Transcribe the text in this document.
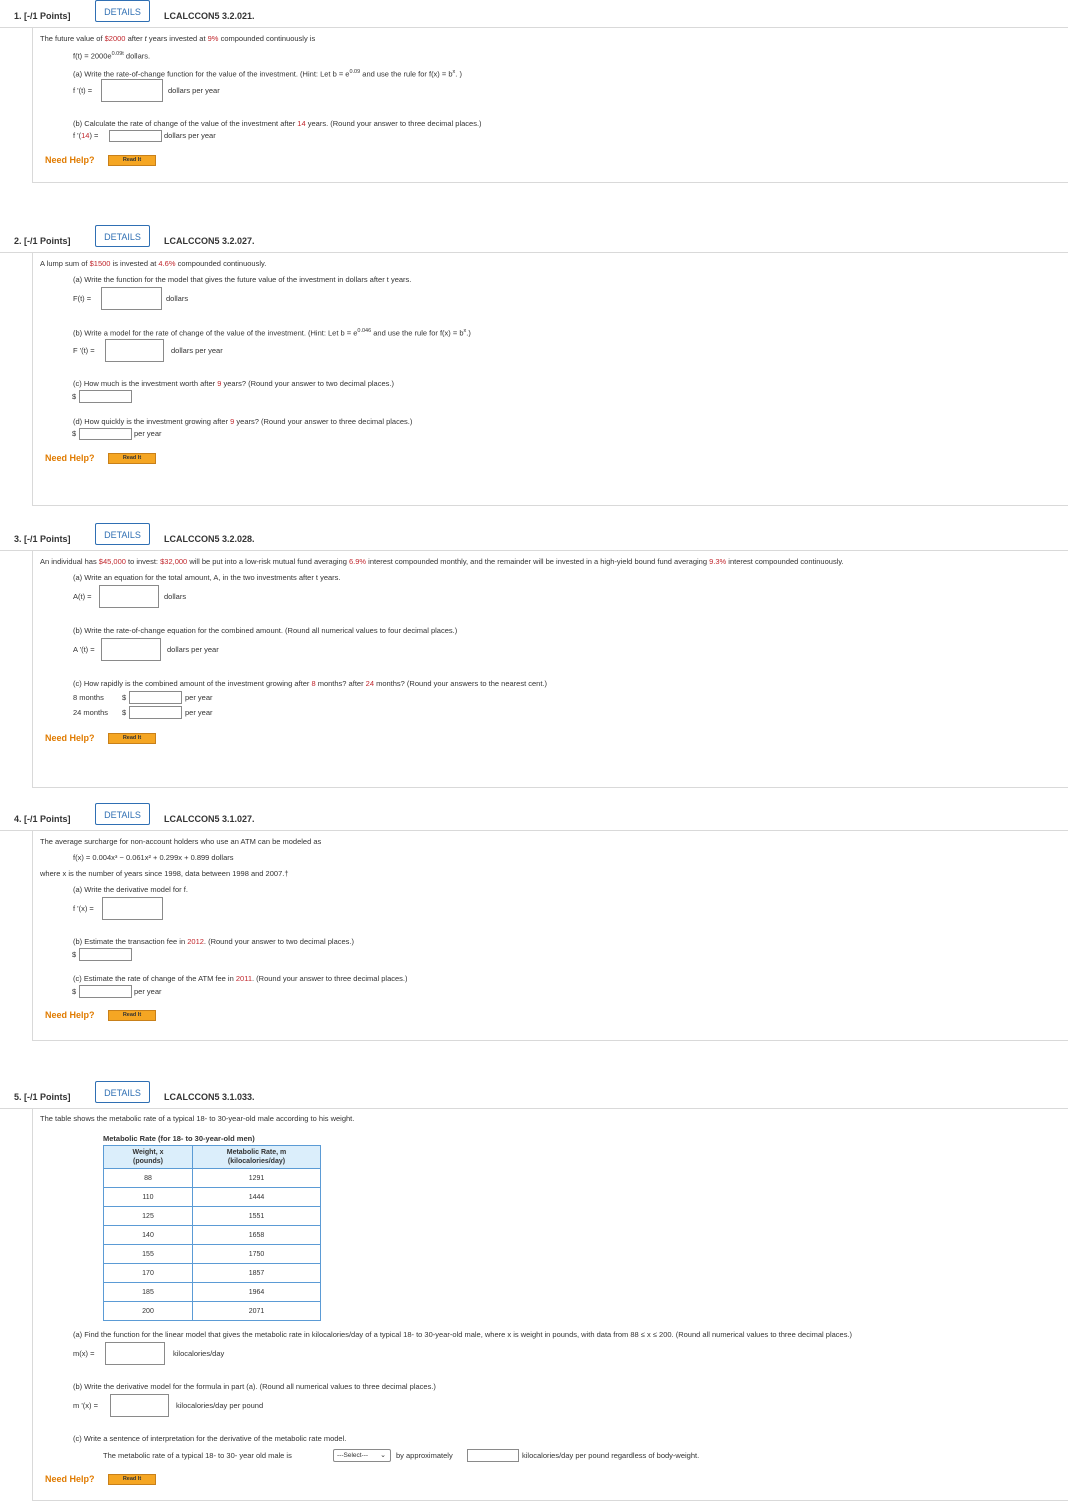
1. [-/1 Points]	DETAILS	LCALCCON5 3.2.021.
The future value of $2000 after t years invested at 9% compounded continuously is
$f(t) = 2000e^{0.09t}$ dollars.
(a) Write the rate-of-change function for the value of the investment. (Hint: Let $b = e^{0.09}$ and use the rule for $f(x) = b^x$. )
f '(t) =	dollars per year
(b) Calculate the rate of change of the value of the investment after 14 years. (Round your answer to three decimal places.)
f '(14) =	dollars per year
Need Help?	Read It
2. [-/1 Points]	DETAILS	LCALCCON5 3.2.027.
A lump sum of $1500 is invested at 4.6% compounded continuously.
(a) Write the function for the model that gives the future value of the investment in dollars after t years.
F(t) =	dollars
(b) Write a model for the rate of change of the value of the investment. (Hint: Let $b = e^{0.046}$ and use the rule for $f(x) = b^x$.)
F '(t) =	dollars per year
(c) How much is the investment worth after 9 years? (Round your answer to two decimal places.)
$
(d) How quickly is the investment growing after 9 years? (Round your answer to three decimal places.)
$	per year
Need Help?	Read It
3. [-/1 Points]	DETAILS	LCALCCON5 3.2.028.
An individual has $45,000 to invest: $32,000 will be put into a low-risk mutual fund averaging 6.9% interest compounded monthly, and the remainder will be invested in a high-yield bound fund averaging 9.3% interest compounded continuously.
(a) Write an equation for the total amount, A, in the two investments after t years.
A(t) =	dollars
(b) Write the rate-of-change equation for the combined amount. (Round all numerical values to four decimal places.)
A '(t) =	dollars per year
(c) How rapidly is the combined amount of the investment growing after 8 months? after 24 months? (Round your answers to the nearest cent.)
8 months $	per year
24 months $	per year
Need Help?	Read It
4. [-/1 Points]	DETAILS	LCALCCON5 3.1.027.
The average surcharge for non-account holders who use an ATM can be modeled as
f(x) = 0.004x³ − 0.061x² + 0.299x + 0.899 dollars
where x is the number of years since 1998, data between 1998 and 2007.†
(a) Write the derivative model for f.
f '(x) =
(b) Estimate the transaction fee in 2012. (Round your answer to two decimal places.)
$
(c) Estimate the rate of change of the ATM fee in 2011. (Round your answer to three decimal places.)
$	per year
Need Help?	Read It
5. [-/1 Points]	DETAILS	LCALCCON5 3.1.033.
The table shows the metabolic rate of a typical 18- to 30-year-old male according to his weight.
Metabolic Rate (for 18- to 30-year-old men)
Weight, x
(pounds)	Metabolic Rate, m
(kilocalories/day)
88	1291
110	1444
125	1551
140	1658
155	1750
170	1857
185	1964
200	2071
(a) Find the function for the linear model that gives the metabolic rate in kilocalories/day of a typical 18- to 30-year-old male, where x is weight in pounds, with data from 88 ≤ x ≤ 200. (Round all numerical values to three decimal places.)
m(x) =	kilocalories/day
(b) Write the derivative model for the formula in part (a). (Round all numerical values to three decimal places.)
m '(x) =	kilocalories/day per pound
(c) Write a sentence of interpretation for the derivative of the metabolic rate model.
The metabolic rate of a typical 18- to 30- year old male is	---Select--- ⌄ by approximately	kilocalories/day per pound regardless of body-weight.
Need Help?	Read It
